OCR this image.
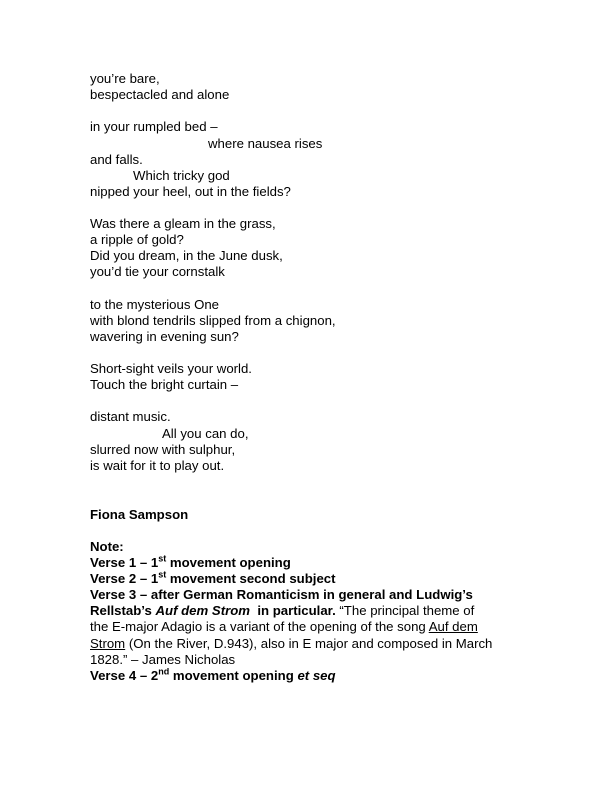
you’re bare,
bespectacled and alone
in your rumpled bed –
where nausea rises
and falls.
Which tricky god
nipped your heel, out in the fields?
Was there a gleam in the grass,
a ripple of gold?
Did you dream, in the June dusk,
you’d tie your cornstalk
to the mysterious One
with blond tendrils slipped from a chignon,
wavering in evening sun?
Short-sight veils your world.
Touch the bright curtain –
distant music.
All you can do,
slurred now with sulphur,
is wait for it to play out.
Fiona Sampson
Note:
Verse 1 – 1st movement opening
Verse 2 – 1st movement second subject
Verse 3 – after German Romanticism in general and Ludwig’s
Rellstab’s Auf dem Strom  in particular. “The principal theme of
the E-major Adagio is a variant of the opening of the song Auf dem
Strom (On the River, D.943), also in E major and composed in March
1828.” – James Nicholas
Verse 4 – 2nd movement opening et seq
